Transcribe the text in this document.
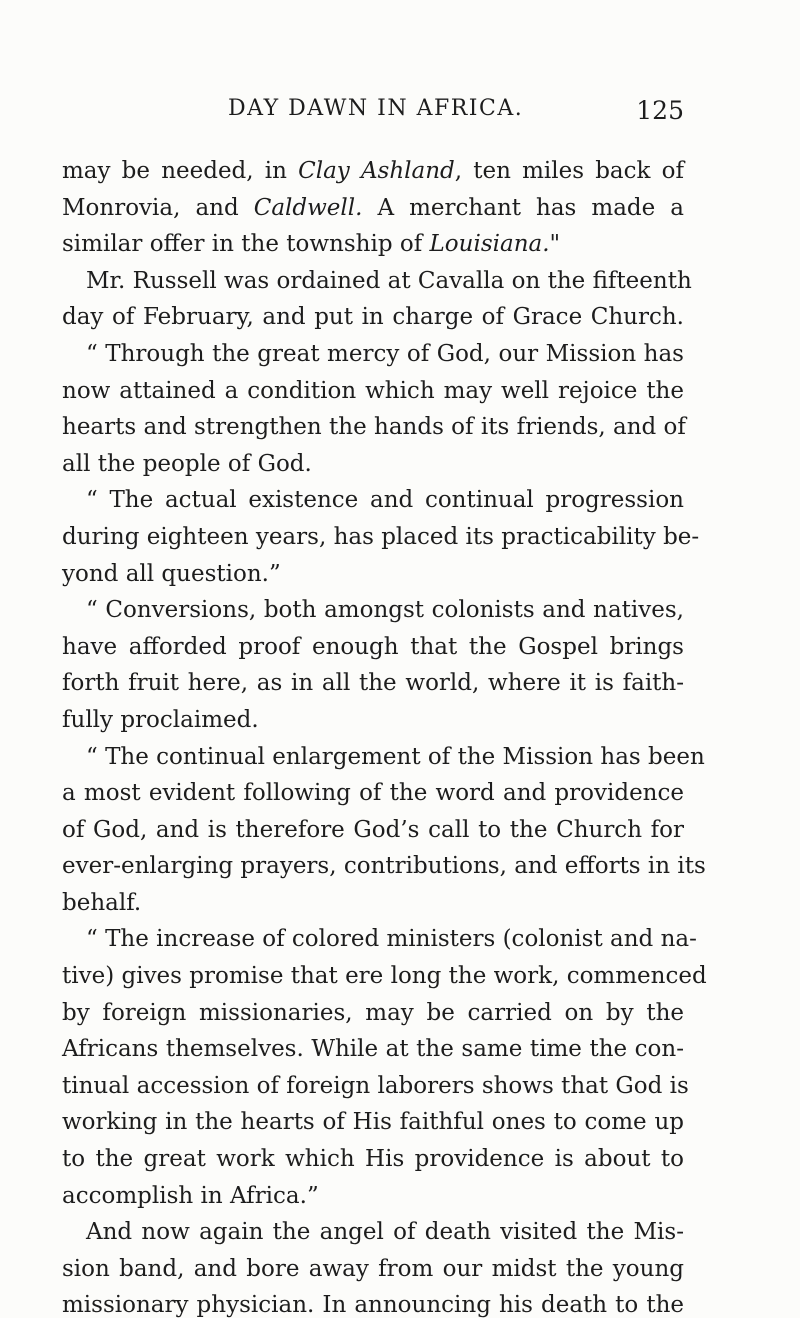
DAY DAWN IN AFRICA.	125
may be needed, in Clay Ashland, ten miles back of
Monrovia, and Caldwell. A merchant has made a
similar offer in the township of Louisiana."
Mr. Russell was ordained at Cavalla on the fifteenth
day of February, and put in charge of Grace Church.
“ Through the great mercy of God, our Mission has
now attained a condition which may well rejoice the
hearts and strengthen the hands of its friends, and of
all the people of God.
“ The actual existence and continual progression
during eighteen years, has placed its practicability be-
yond all question.”
“ Conversions, both amongst colonists and natives,
have afforded proof enough that the Gospel brings
forth fruit here, as in all the world, where it is faith-
fully proclaimed.
“ The continual enlargement of the Mission has been
a most evident following of the word and providence
of God, and is therefore God’s call to the Church for
ever-enlarging prayers, contributions, and efforts in its
behalf.
“ The increase of colored ministers (colonist and na-
tive) gives promise that ere long the work, commenced
by foreign missionaries, may be carried on by the
Africans themselves. While at the same time the con-
tinual accession of foreign laborers shows that God is
working in the hearts of His faithful ones to come up
to the great work which His providence is about to
accomplish in Africa.”
And now again the angel of death visited the Mis-
sion band, and bore away from our midst the young
missionary physician. In announcing his death to the
